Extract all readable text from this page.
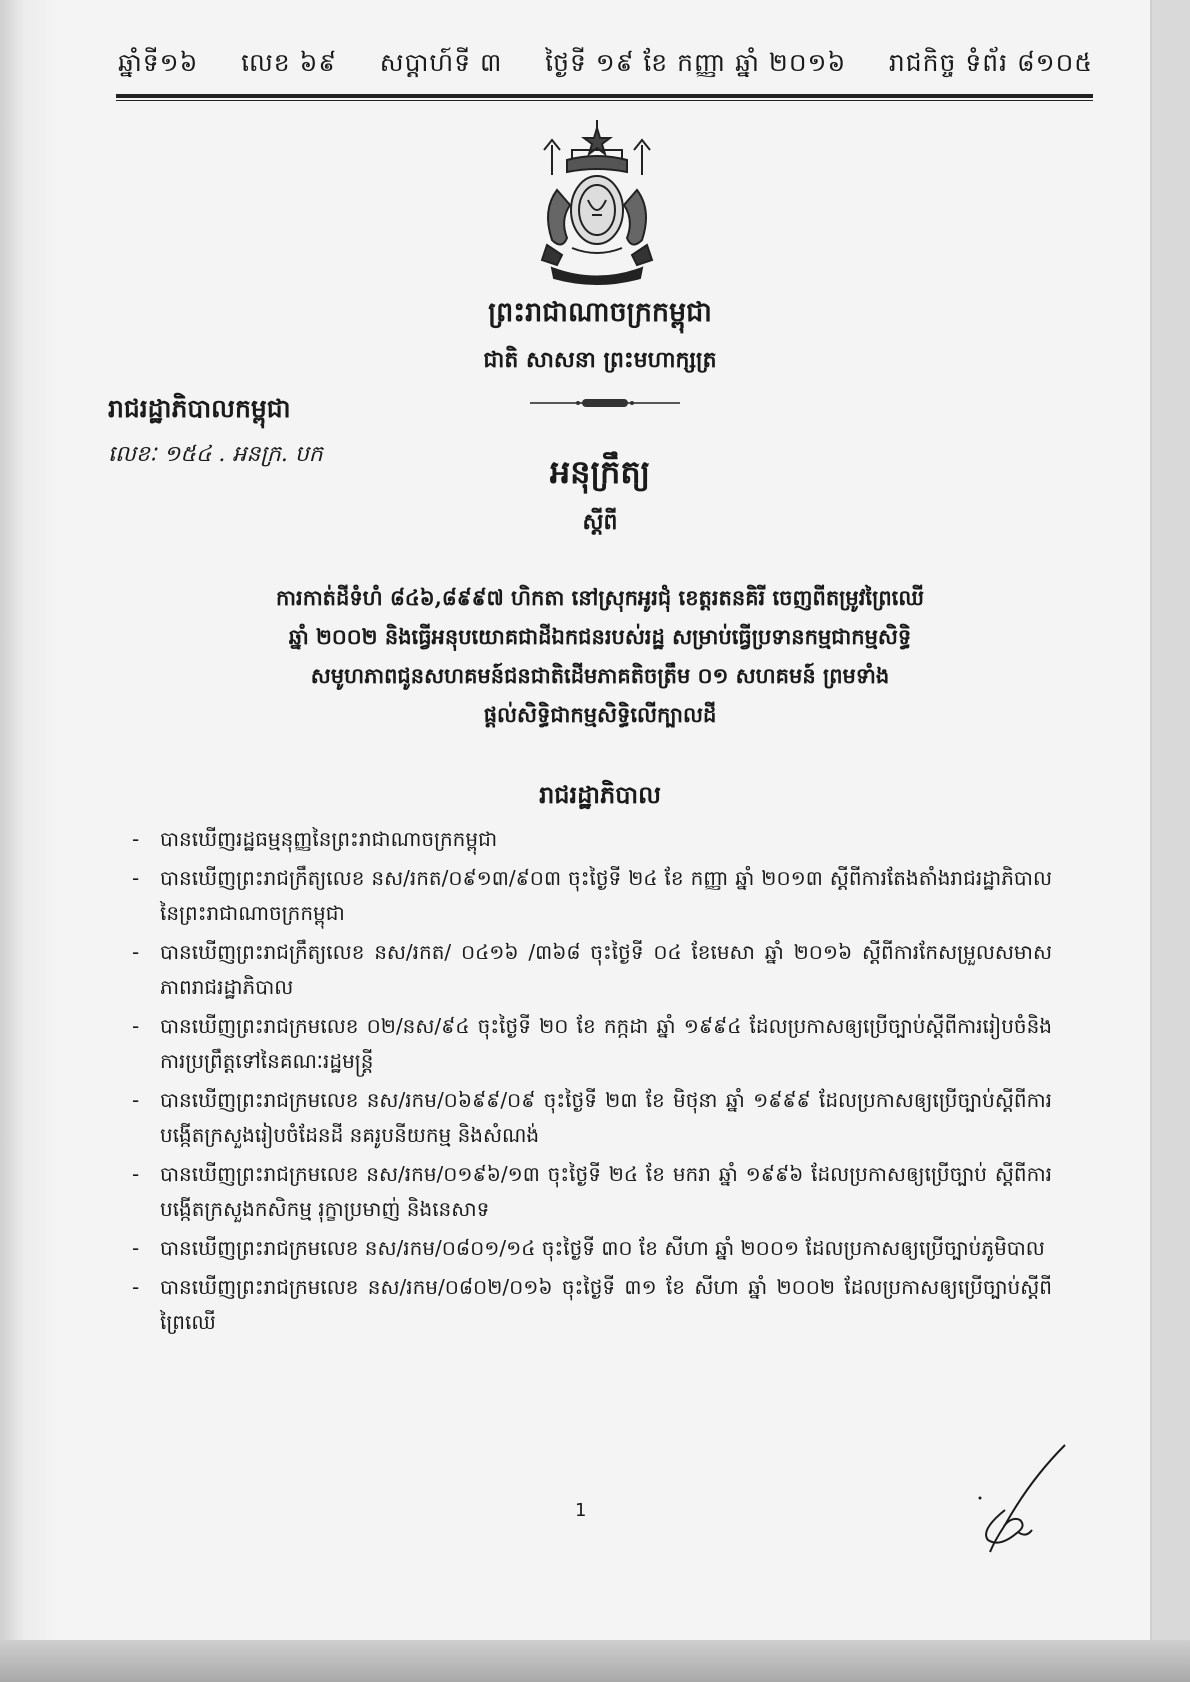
ឆ្នាំទី១៦ លេខ ៦៩ សប្តាហ៍ទី ៣ ថ្ងៃទី ១៩ ខែ កញ្ញា ឆ្នាំ ២០១៦ រាជកិច្ច ទំព័រ ៨១០៥
ព្រះរាជាណាចក្រកម្ពុជា
ជាតិ សាសនា ព្រះមហាក្សត្រ
រាជរដ្ឋាភិបាលកម្ពុជា
លេខៈ ១៥៤ . អនក្រ. បក	អនុក្រឹត្យ
ស្តីពី
ការកាត់ដីទំហំ ៨៤៦,៨៩៩៧ ហិកតា នៅស្រុកអូរជុំ ខេត្តរតនគិរី ចេញពីតម្រូវព្រៃឈើ
ឆ្នាំ ២០០២ និងធ្វើអនុបយោគជាដីឯកជនរបស់រដ្ឋ សម្រាប់ធ្វើប្រទានកម្មជាកម្មសិទ្ធិ
សមូហភាពជូនសហគមន៍ជនជាតិដើមភាគតិចត្រឹម ០១ សហគមន៍ ព្រមទាំង
ផ្តល់សិទ្ធិជាកម្មសិទ្ធិលើក្បាលដី
រាជរដ្ឋាភិបាល
- បានឃើញរដ្ឋធម្មនុញ្ញនៃព្រះរាជាណាចក្រកម្ពុជា
- បានឃើញព្រះរាជក្រឹត្យលេខ នស/រកត/០៩១៣/៩០៣ ចុះថ្ងៃទី ២៤ ខែ កញ្ញា ឆ្នាំ ២០១៣ ស្តីពីការតែងតាំងរាជរដ្ឋាភិបាលនៃព្រះរាជាណាចក្រកម្ពុជា
- បានឃើញព្រះរាជក្រឹត្យលេខ នស/រកត/ ០៤១៦ /៣៦៨ ចុះថ្ងៃទី ០៤ ខែមេសា ឆ្នាំ ២០១៦ ស្តីពីការកែសម្រួលសមាសភាពរាជរដ្ឋាភិបាល
- បានឃើញព្រះរាជក្រមលេខ ០២/នស/៩៤ ចុះថ្ងៃទី ២០ ខែ កក្កដា ឆ្នាំ ១៩៩៤ ដែលប្រកាសឲ្យប្រើច្បាប់ស្តីពីការរៀបចំនិងការប្រព្រឹត្តទៅនៃគណៈរដ្ឋមន្ត្រី
- បានឃើញព្រះរាជក្រមលេខ នស/រកម/០៦៩៩/០៩ ចុះថ្ងៃទី ២៣ ខែ មិថុនា ឆ្នាំ ១៩៩៩ ដែលប្រកាសឲ្យប្រើច្បាប់ស្តីពីការបង្កើតក្រសួងរៀបចំដែនដី នគរូបនីយកម្ម និងសំណង់
- បានឃើញព្រះរាជក្រមលេខ នស/រកម/០១៩៦/១៣ ចុះថ្ងៃទី ២៤ ខែ មករា ឆ្នាំ ១៩៩៦ ដែលប្រកាសឲ្យប្រើច្បាប់ ស្តីពីការបង្កើតក្រសួងកសិកម្ម រុក្ខាប្រមាញ់ និងនេសាទ
- បានឃើញព្រះរាជក្រមលេខ នស/រកម/០៨០១/១៤ ចុះថ្ងៃទី ៣០ ខែ សីហា ឆ្នាំ ២០០១ ដែលប្រកាសឲ្យប្រើច្បាប់ភូមិបាល
- បានឃើញព្រះរាជក្រមលេខ នស/រកម/០៨០២/០១៦ ចុះថ្ងៃទី ៣១ ខែ សីហា ឆ្នាំ ២០០២ ដែលប្រកាសឲ្យប្រើច្បាប់ស្តីពីព្រៃឈើ
1
